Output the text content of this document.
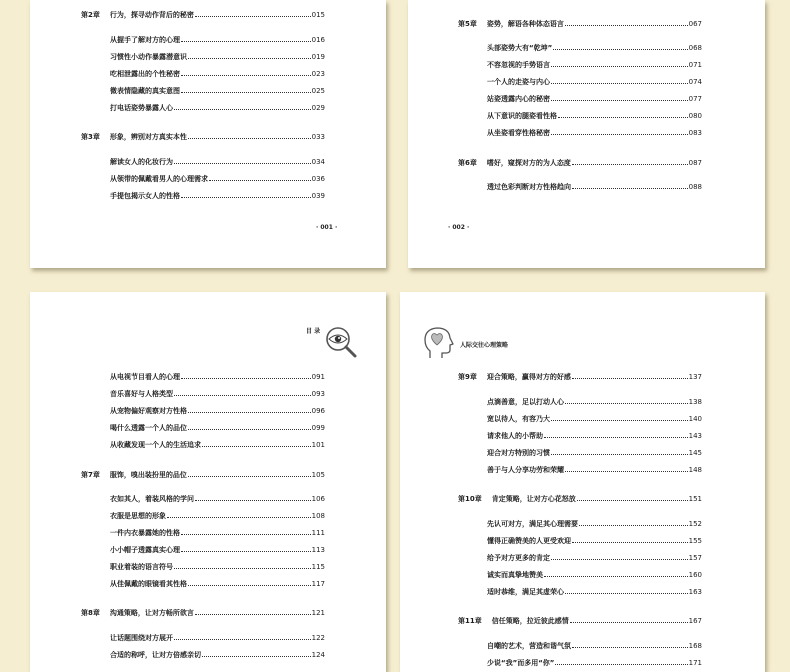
第2章 行为，探寻动作背后的秘密	015
从握手了解对方的心理	016
习惯性小动作暴露潜意识	019
吃相泄露出的个性秘密	023
微表情隐藏的真实意图	025
打电话姿势暴露人心	029
第3章 形象，辨别对方真实本性	033
解读女人的化妆行为	034
从领带的佩戴看男人的心理需求	036
手提包揭示女人的性格	039
· 001 ·
第5章 姿势，解语各种体态语言	067
头部姿势大有“乾坤”	068
不容忽视的手势语言	071
一个人的走姿与内心	074
站姿透露内心的秘密	077
从下意识的腿姿看性格	080
从坐姿看穿性格秘密	083
第6章 嗜好，窥探对方的为人态度	087
透过色彩判断对方性格趋向	088
· 002 ·
目 录
从电视节目看人的心理	091
音乐喜好与人格类型	093
从宠物偏好观察对方性格	096
喝什么透露一个人的品位	099
从收藏发现一个人的生活追求	101
第7章 服饰，嗅出装扮里的品位	105
衣如其人，着装风格的学问	106
衣服是思想的形象	108
一件内衣暴露她的性格	111
小小帽子透露真实心理	113
职业着装的语言符号	115
从佳佩戴的眼镜看其性格	117
第8章 沟通策略，让对方畅所欲言	121
让话题围绕对方展开	122
合适的称呼，让对方倍感亲切	124
人际交往心理策略
第9章 迎合策略，赢得对方的好感	137
点滴善意，足以打动人心	138
宽以待人，有容乃大	140
请求他人的小帮助	143
迎合对方特别的习惯	145
善于与人分享功劳和荣耀	148
第10章 肯定策略，让对方心花怒放	151
先认可对方，满足其心理需要	152
懂得正确赞美的人更受欢迎	155
给予对方更多的肯定	157
诚实而真挚地赞美	160
适时恭维，满足其虚荣心	163
第11章 信任策略，拉近彼此感情	167
自嘲的艺术，营造和谐气氛	168
少说“我”而多用“你”	171
